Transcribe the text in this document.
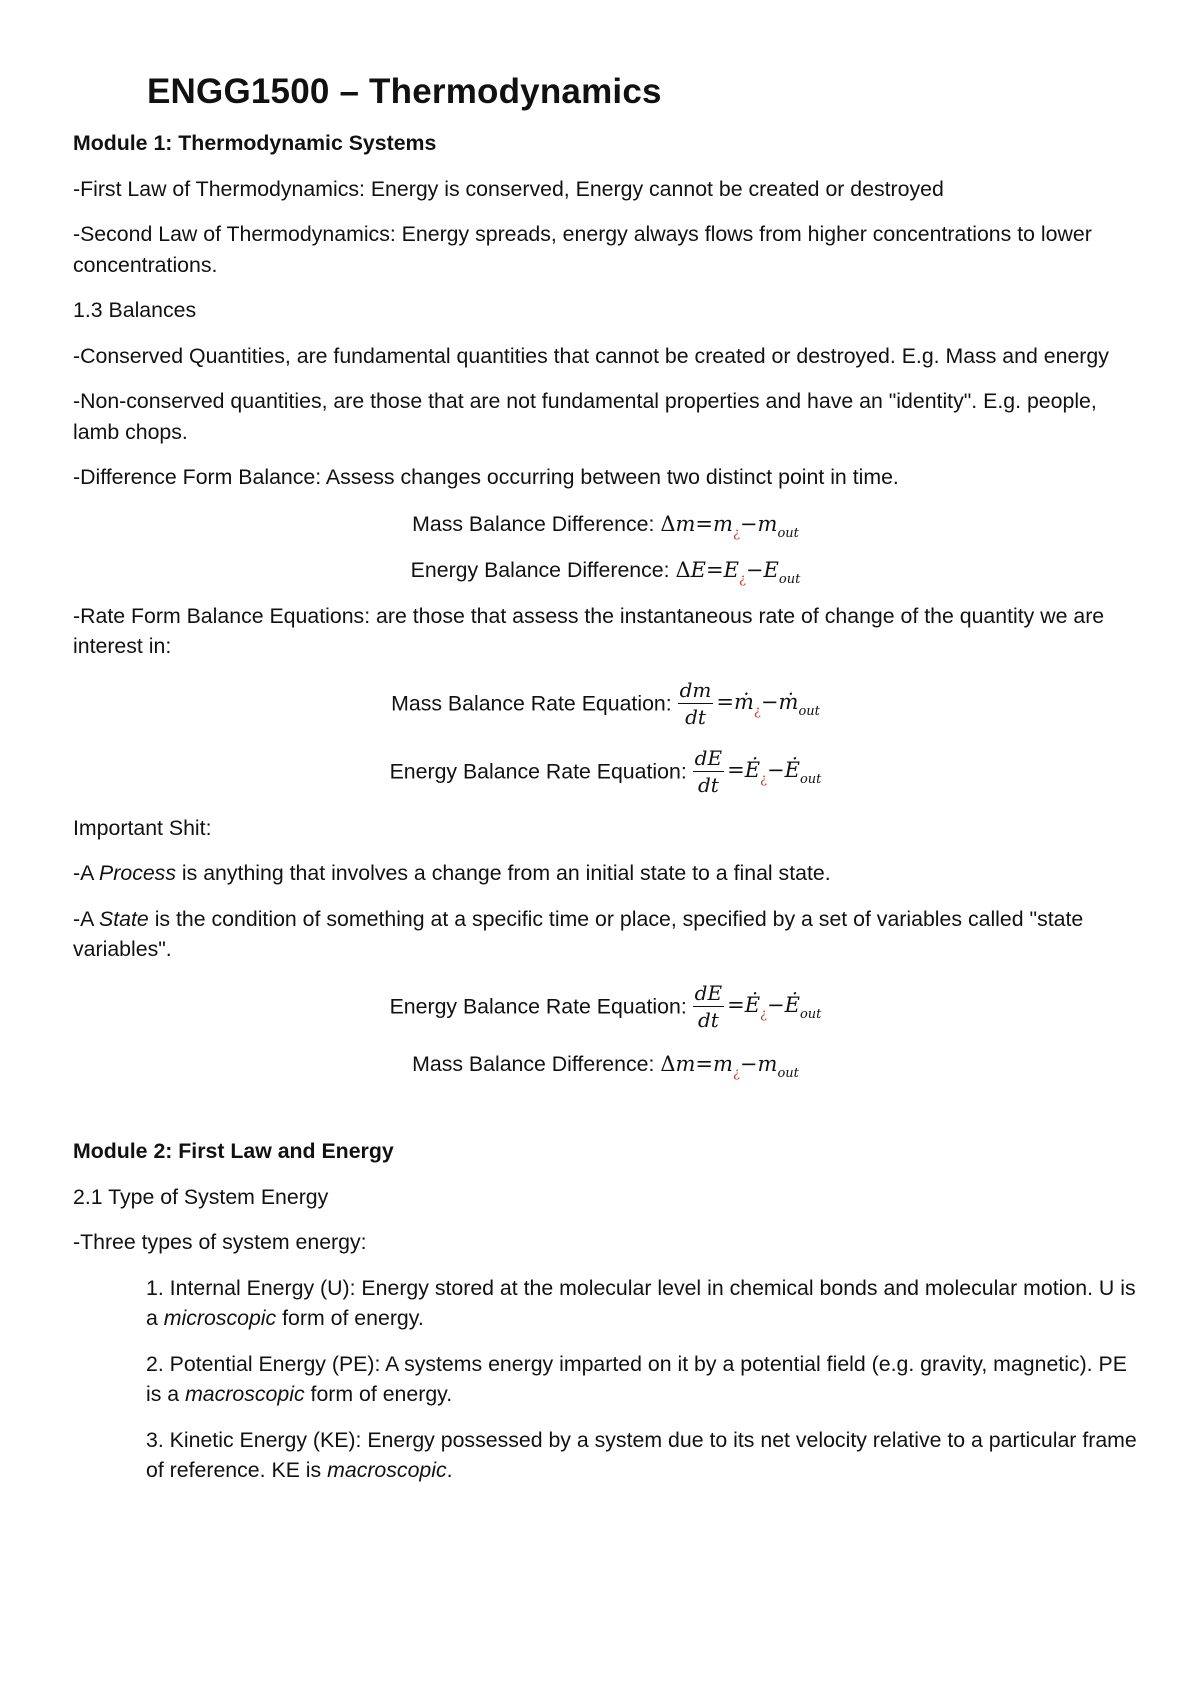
ENGG1500 – Thermodynamics
Module 1: Thermodynamic Systems
-First Law of Thermodynamics: Energy is conserved, Energy cannot be created or destroyed
-Second Law of Thermodynamics: Energy spreads, energy always flows from higher concentrations to lower concentrations.
1.3 Balances
-Conserved Quantities, are fundamental quantities that cannot be created or destroyed. E.g. Mass and energy
-Non-conserved quantities, are those that are not fundamental properties and have an "identity". E.g. people, lamb chops.
-Difference Form Balance: Assess changes occurring between two distinct point in time.
Mass Balance Difference: $\Delta m=m_¿-m_{out}$
Energy Balance Difference: $\Delta E=E_¿-E_{out}$
-Rate Form Balance Equations: are those that assess the instantaneous rate of change of the quantity we are interest in:
Mass Balance Rate Equation: $\frac{dm}{dt}$ =ṁ$_¿$−ṁ$_{out}$
Energy Balance Rate Equation: $\frac{dE}{dt}$ $=Ė_¿-Ė_{out}$
Important Shit:
-A Process is anything that involves a change from an initial state to a final state.
-A State is the condition of something at a specific time or place, specified by a set of variables called "state variables".
Energy Balance Rate Equation: $\frac{dE}{dt}$ $=Ė_¿-Ė_{out}$
Mass Balance Difference: $\Delta m=m_¿-m_{out}$
Module 2: First Law and Energy
2.1 Type of System Energy
-Three types of system energy:
1. Internal Energy (U): Energy stored at the molecular level in chemical bonds and molecular motion. U is a microscopic form of energy.
2. Potential Energy (PE): A systems energy imparted on it by a potential field (e.g. gravity, magnetic). PE is a macroscopic form of energy.
3. Kinetic Energy (KE): Energy possessed by a system due to its net velocity relative to a particular frame of reference. KE is macroscopic.
